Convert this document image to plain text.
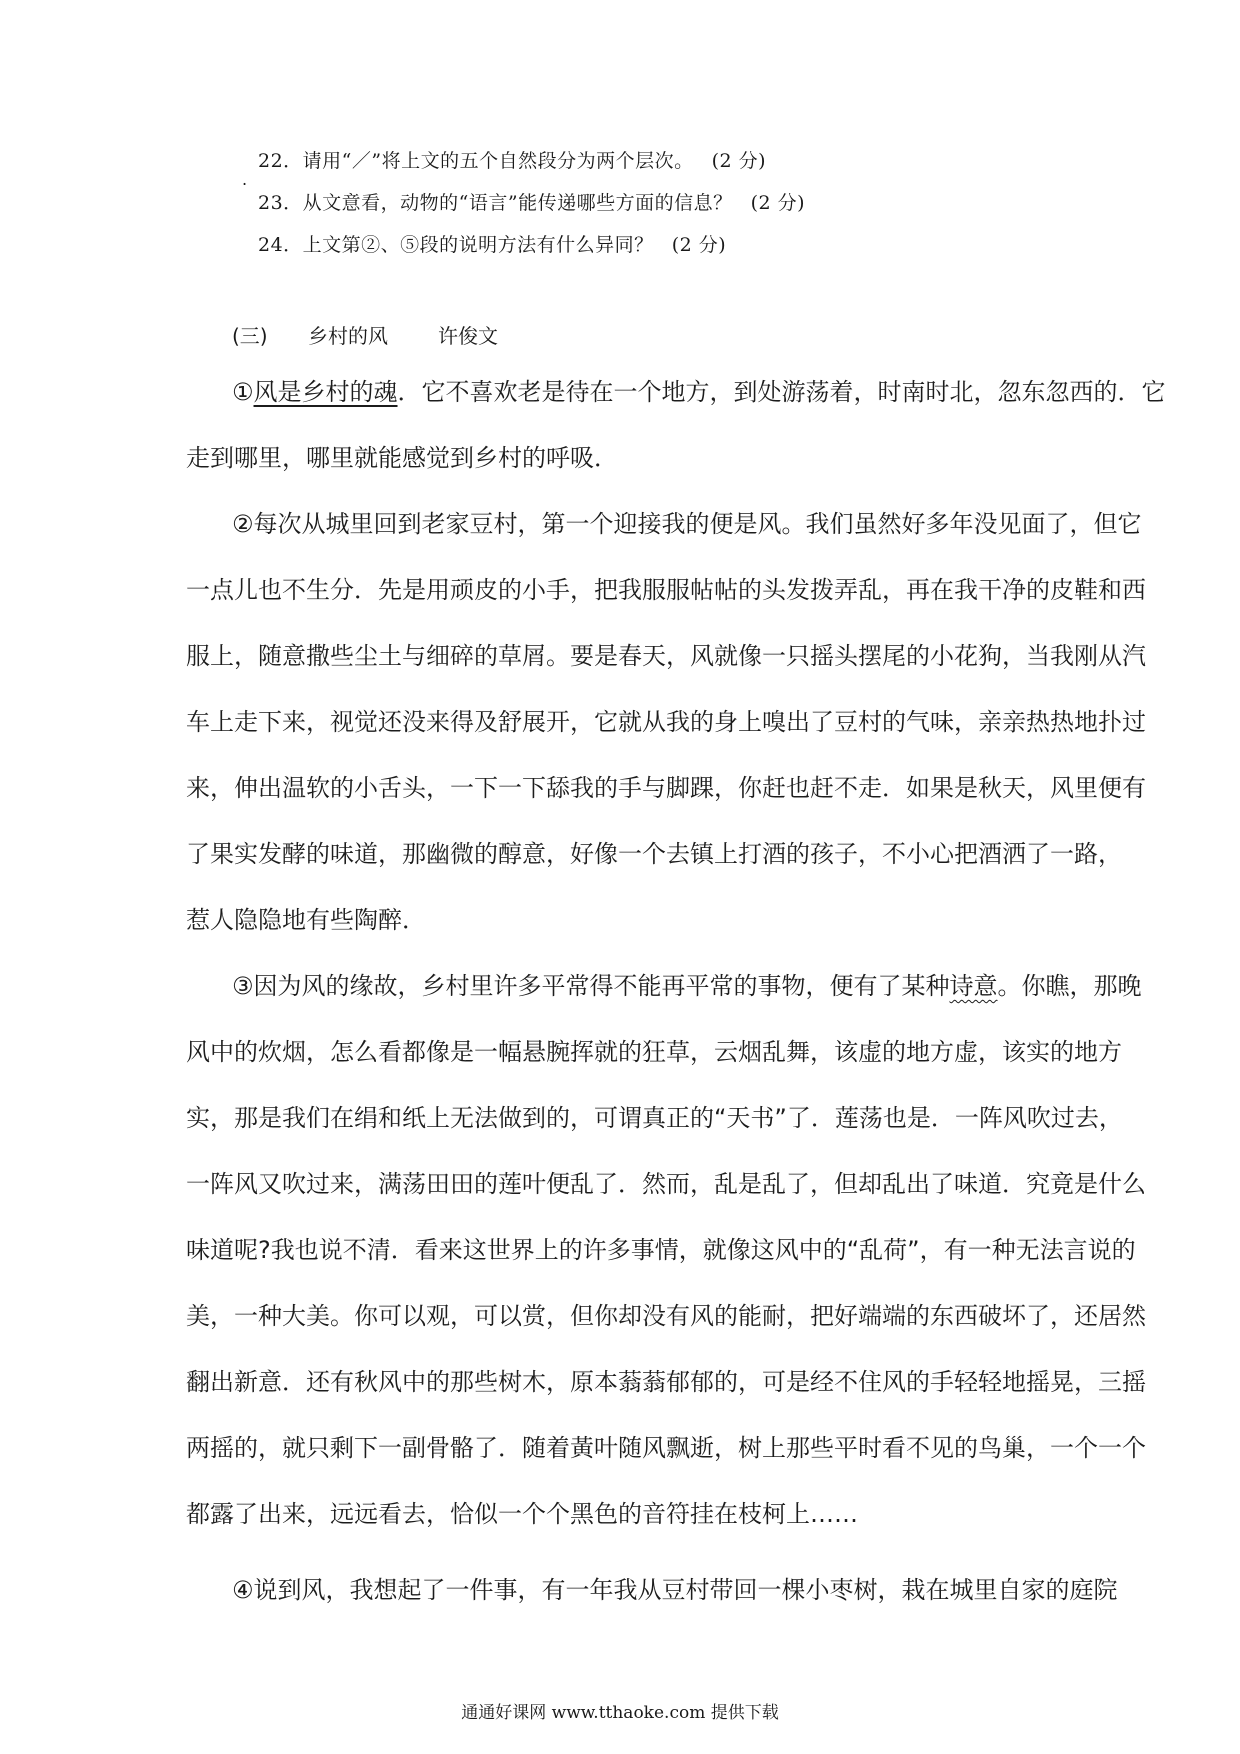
.
22．请用“／”将上文的五个自然段分为两个层次。 (2 分)
23．从文意看，动物的“语言”能传递哪些方面的信息？ (2 分)
24．上文第②、⑤段的说明方法有什么异同？ (2 分)
(三) 乡村的风	许俊文
①风是乡村的魂．它不喜欢老是待在一个地方，到处游荡着，时南时北，忽东忽西的．它
走到哪里，哪里就能感觉到乡村的呼吸．
②每次从城里回到老家豆村，第一个迎接我的便是风。我们虽然好多年没见面了，但它
一点儿也不生分．先是用顽皮的小手，把我服服帖帖的头发拨弄乱，再在我干净的皮鞋和西
服上，随意撒些尘土与细碎的草屑。要是春天，风就像一只摇头摆尾的小花狗，当我刚从汽
车上走下来，视觉还没来得及舒展开，它就从我的身上嗅出了豆村的气味，亲亲热热地扑过
来，伸出温软的小舌头，一下一下舔我的手与脚踝，你赶也赶不走．如果是秋天，风里便有
了果实发酵的味道，那幽微的醇意，好像一个去镇上打酒的孩子，不小心把酒洒了一路，
惹人隐隐地有些陶醉．
③因为风的缘故，乡村里许多平常得不能再平常的事物，便有了某种诗意。你瞧，那晚
风中的炊烟，怎么看都像是一幅悬腕挥就的狂草，云烟乱舞，该虚的地方虚，该实的地方
实，那是我们在绢和纸上无法做到的，可谓真正的“天书”了．莲荡也是．一阵风吹过去，
一阵风又吹过来，满荡田田的莲叶便乱了．然而，乱是乱了，但却乱出了味道．究竟是什么
味道呢?我也说不清．看来这世界上的许多事情，就像这风中的“乱荷”，有一种无法言说的
美，一种大美。你可以观，可以赏，但你却没有风的能耐，把好端端的东西破坏了，还居然
翻出新意．还有秋风中的那些树木，原本蓊蓊郁郁的，可是经不住风的手轻轻地摇晃，三摇
两摇的，就只剩下一副骨骼了．随着黃叶随风飘逝，树上那些平时看不见的鸟巢，一个一个
都露了出来，远远看去，恰似一个个黑色的音符挂在枝柯上……
④说到风，我想起了一件事，有一年我从豆村带回一棵小枣树，栽在城里自家的庭院
通通好课网 www.tthaoke.com 提供下载
